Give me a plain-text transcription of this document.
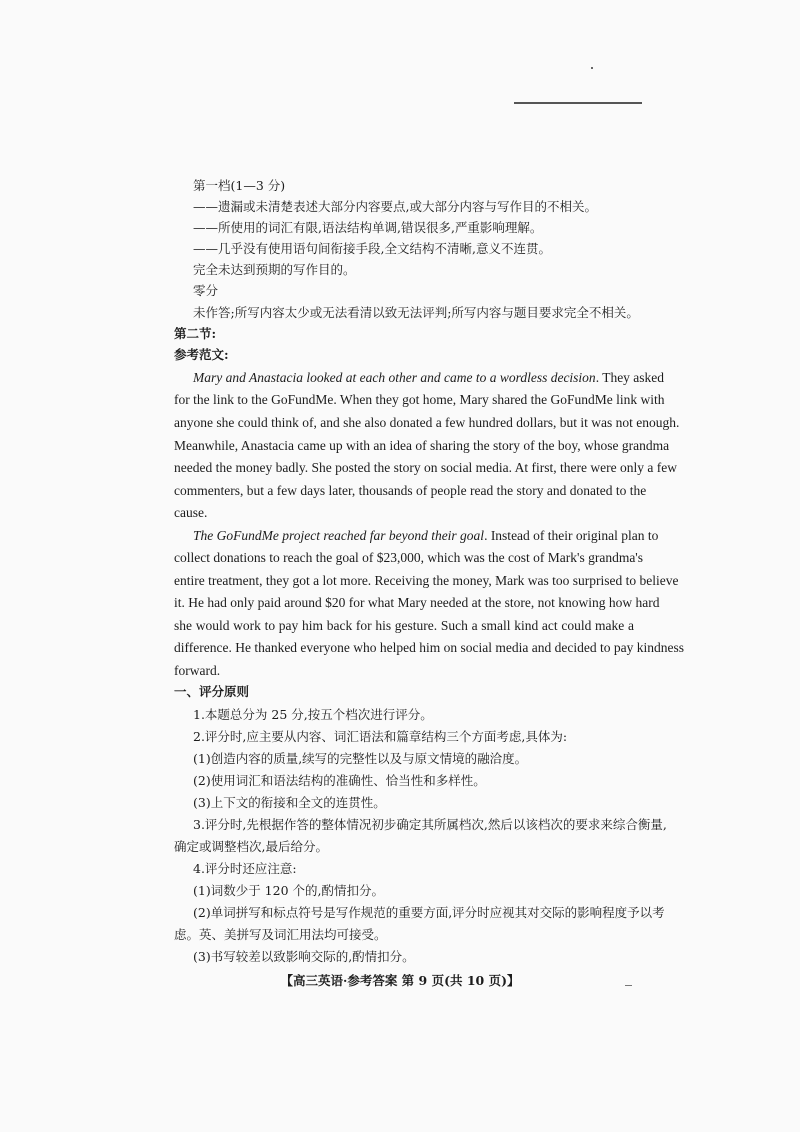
第一档(1—3 分)
——遗漏或未清楚表述大部分内容要点,或大部分内容与写作目的不相关。
——所使用的词汇有限,语法结构单调,错误很多,严重影响理解。
——几乎没有使用语句间衔接手段,全文结构不清晰,意义不连贯。
完全未达到预期的写作目的。
零分
未作答;所写内容太少或无法看清以致无法评判;所写内容与题目要求完全不相关。
第二节:
参考范文:
Mary and Anastacia looked at each other and came to a wordless decision. They asked
for the link to the GoFundMe. When they got home, Mary shared the GoFundMe link with
anyone she could think of, and she also donated a few hundred dollars, but it was not enough.
Meanwhile, Anastacia came up with an idea of sharing the story of the boy, whose grandma
needed the money badly. She posted the story on social media. At first, there were only a few
commenters, but a few days later, thousands of people read the story and donated to the
cause.
The GoFundMe project reached far beyond their goal. Instead of their original plan to
collect donations to reach the goal of $23,000, which was the cost of Mark's grandma's
entire treatment, they got a lot more. Receiving the money, Mark was too surprised to believe
it. He had only paid around $20 for what Mary needed at the store, not knowing how hard
she would work to pay him back for his gesture. Such a small kind act could make a
difference. He thanked everyone who helped him on social media and decided to pay kindness
forward.
一、评分原则
1.本题总分为 25 分,按五个档次进行评分。
2.评分时,应主要从内容、词汇语法和篇章结构三个方面考虑,具体为:
(1)创造内容的质量,续写的完整性以及与原文情境的融洽度。
(2)使用词汇和语法结构的准确性、恰当性和多样性。
(3)上下文的衔接和全文的连贯性。
3.评分时,先根据作答的整体情况初步确定其所属档次,然后以该档次的要求来综合衡量,
确定或调整档次,最后给分。
4.评分时还应注意:
(1)词数少于 120 个的,酌情扣分。
(2)单词拼写和标点符号是写作规范的重要方面,评分时应视其对交际的影响程度予以考
虑。英、美拼写及词汇用法均可接受。
(3)书写较差以致影响交际的,酌情扣分。
【高三英语·参考答案 第 9 页(共 10 页)】
